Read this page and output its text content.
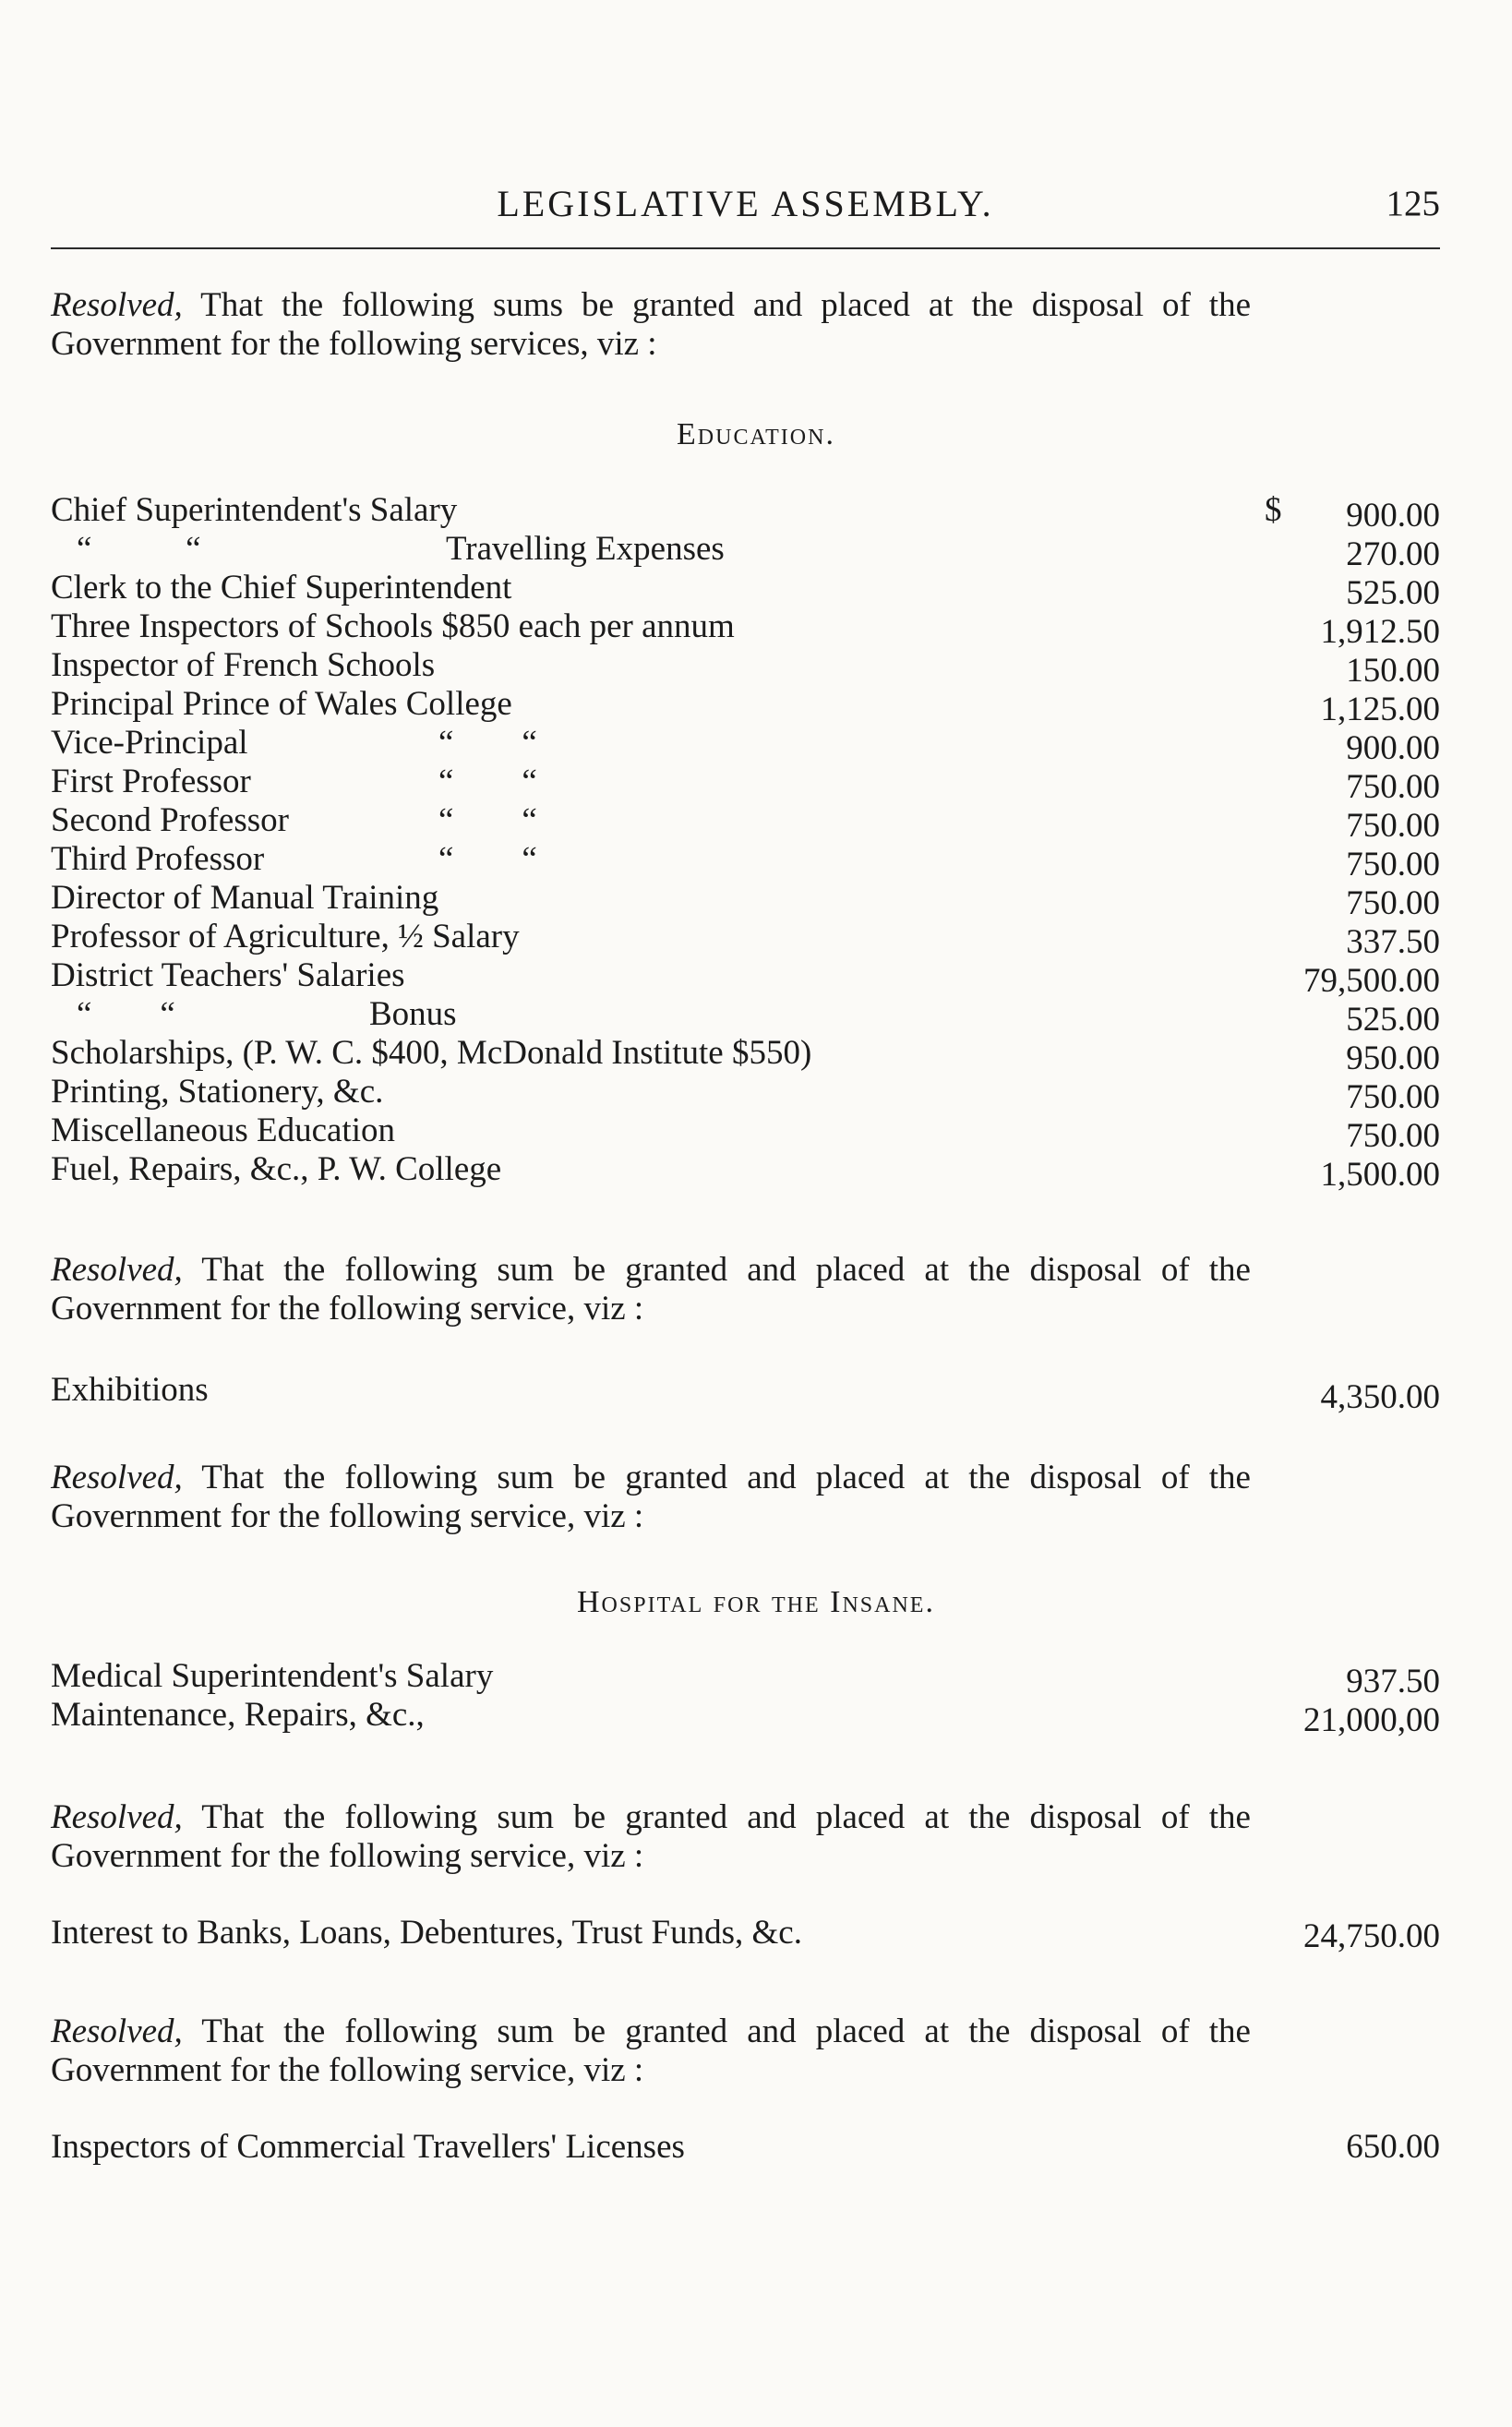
LEGISLATIVE ASSEMBLY.	125

Resolved, That the following sums be granted and placed at the disposal of the Government for the following services, viz :

Education.
Chief Superintendent's Salary	$ 900.00
“           “	Travelling Expenses	270.00
Clerk to the Chief Superintendent	525.00
Three Inspectors of Schools $850 each per annum	1,912.50
Inspector of French Schools	150.00
Principal Prince of Wales College	1,125.00
Vice-Principal	“        “	900.00
First Professor	“        “	750.00
Second Professor	“        “	750.00
Third Professor	“        “	750.00
Director of Manual Training	750.00
Professor of Agriculture, ½ Salary	337.50
District Teachers' Salaries	79,500.00
“        “	Bonus	525.00
Scholarships, (P. W. C. $400, McDonald Institute $550)	950.00
Printing, Stationery, &c.	750.00
Miscellaneous Education	750.00
Fuel, Repairs, &c., P. W. College	1,500.00

Resolved, That the following sum be granted and placed at the disposal of the Government for the following service, viz :

Exhibitions	4,350.00

Resolved, That the following sum be granted and placed at the disposal of the Government for the following service, viz :

Hospital for the Insane.
Medical Superintendent's Salary	937.50
Maintenance, Repairs, &c.,	21,000,00

Resolved, That the following sum be granted and placed at the disposal of the Government for the following service, viz :

Interest to Banks, Loans, Debentures, Trust Funds, &c.	24,750.00

Resolved, That the following sum be granted and placed at the disposal of the Government for the following service, viz :

Inspectors of Commercial Travellers' Licenses	650.00
